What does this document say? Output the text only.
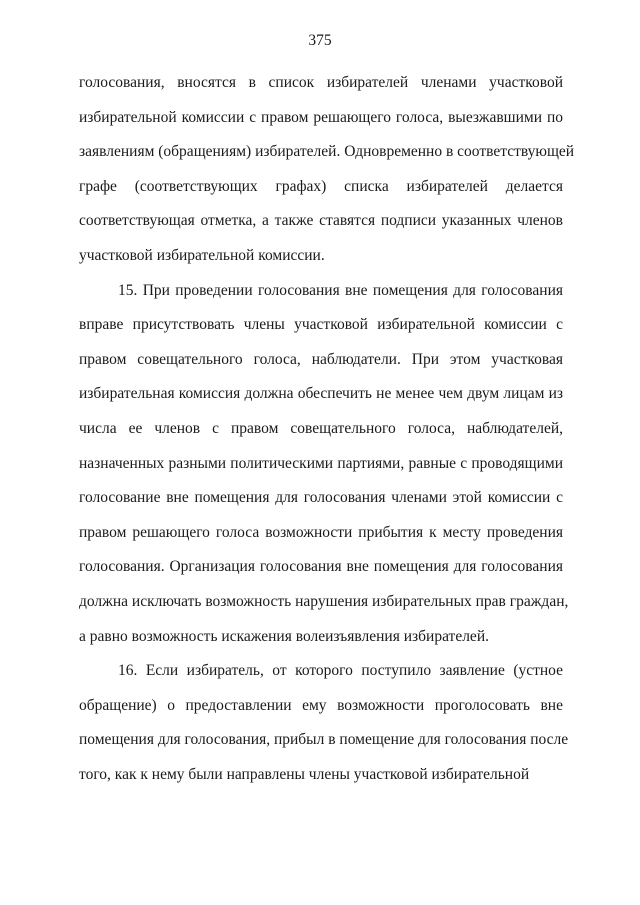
375

голосования, вносятся в список избирателей членами участковой
избирательной комиссии с правом решающего голоса, выезжавшими по
заявлениям (обращениям) избирателей. Одновременно в соответствующей
графе (соответствующих графах) списка избирателей делается
соответствующая отметка, а также ставятся подписи указанных членов
участковой избирательной комиссии.

15. При проведении голосования вне помещения для голосования
вправе присутствовать члены участковой избирательной комиссии с
правом совещательного голоса, наблюдатели. При этом участковая
избирательная комиссия должна обеспечить не менее чем двум лицам из
числа ее членов с правом совещательного голоса, наблюдателей,
назначенных разными политическими партиями, равные с проводящими
голосование вне помещения для голосования членами этой комиссии с
правом решающего голоса возможности прибытия к месту проведения
голосования. Организация голосования вне помещения для голосования
должна исключать возможность нарушения избирательных прав граждан,
а равно возможность искажения волеизъявления избирателей.

16. Если избиратель, от которого поступило заявление (устное
обращение) о предоставлении ему возможности проголосовать вне
помещения для голосования, прибыл в помещение для голосования после
того, как к нему были направлены члены участковой избирательной
